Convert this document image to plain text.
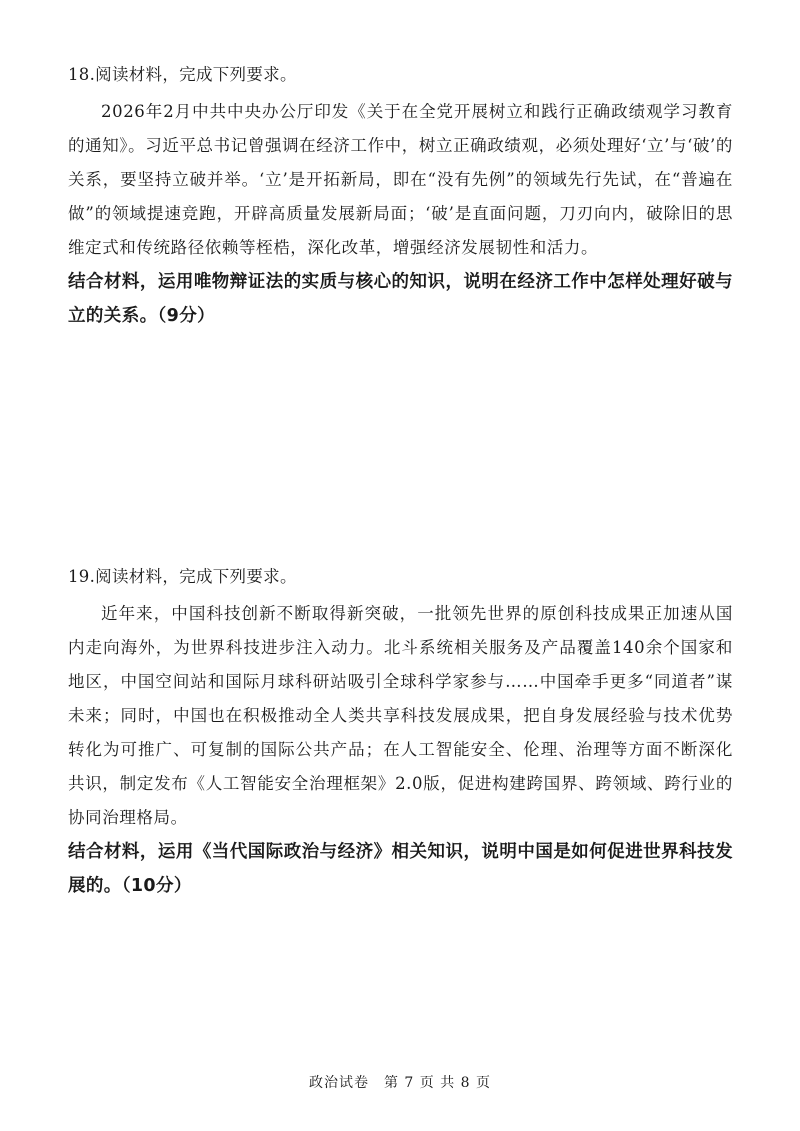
18.阅读材料，完成下列要求。

2026年2月中共中央办公厅印发《关于在全党开展树立和践行正确政绩观学习教育的通知》。习近平总书记曾强调在经济工作中，树立正确政绩观，必须处理好‘立’与‘破’的关系，要坚持立破并举。‘立’是开拓新局，即在“没有先例”的领域先行先试，在“普遍在做”的领域提速竞跑，开辟高质量发展新局面；‘破’是直面问题，刀刃向内，破除旧的思维定式和传统路径依赖等桎梏，深化改革，增强经济发展韧性和活力。

结合材料，运用唯物辩证法的实质与核心的知识，说明在经济工作中怎样处理好破与立的关系。（9分）

19.阅读材料，完成下列要求。

近年来，中国科技创新不断取得新突破，一批领先世界的原创科技成果正加速从国内走向海外，为世界科技进步注入动力。北斗系统相关服务及产品覆盖140余个国家和地区，中国空间站和国际月球科研站吸引全球科学家参与……中国牵手更多“同道者”谋未来；同时，中国也在积极推动全人类共享科技发展成果，把自身发展经验与技术优势转化为可推广、可复制的国际公共产品；在人工智能安全、伦理、治理等方面不断深化共识，制定发布《人工智能安全治理框架》2.0版，促进构建跨国界、跨领域、跨行业的协同治理格局。

结合材料，运用《当代国际政治与经济》相关知识，说明中国是如何促进世界科技发展的。（10分）

政治试卷　第 7 页 共 8 页
